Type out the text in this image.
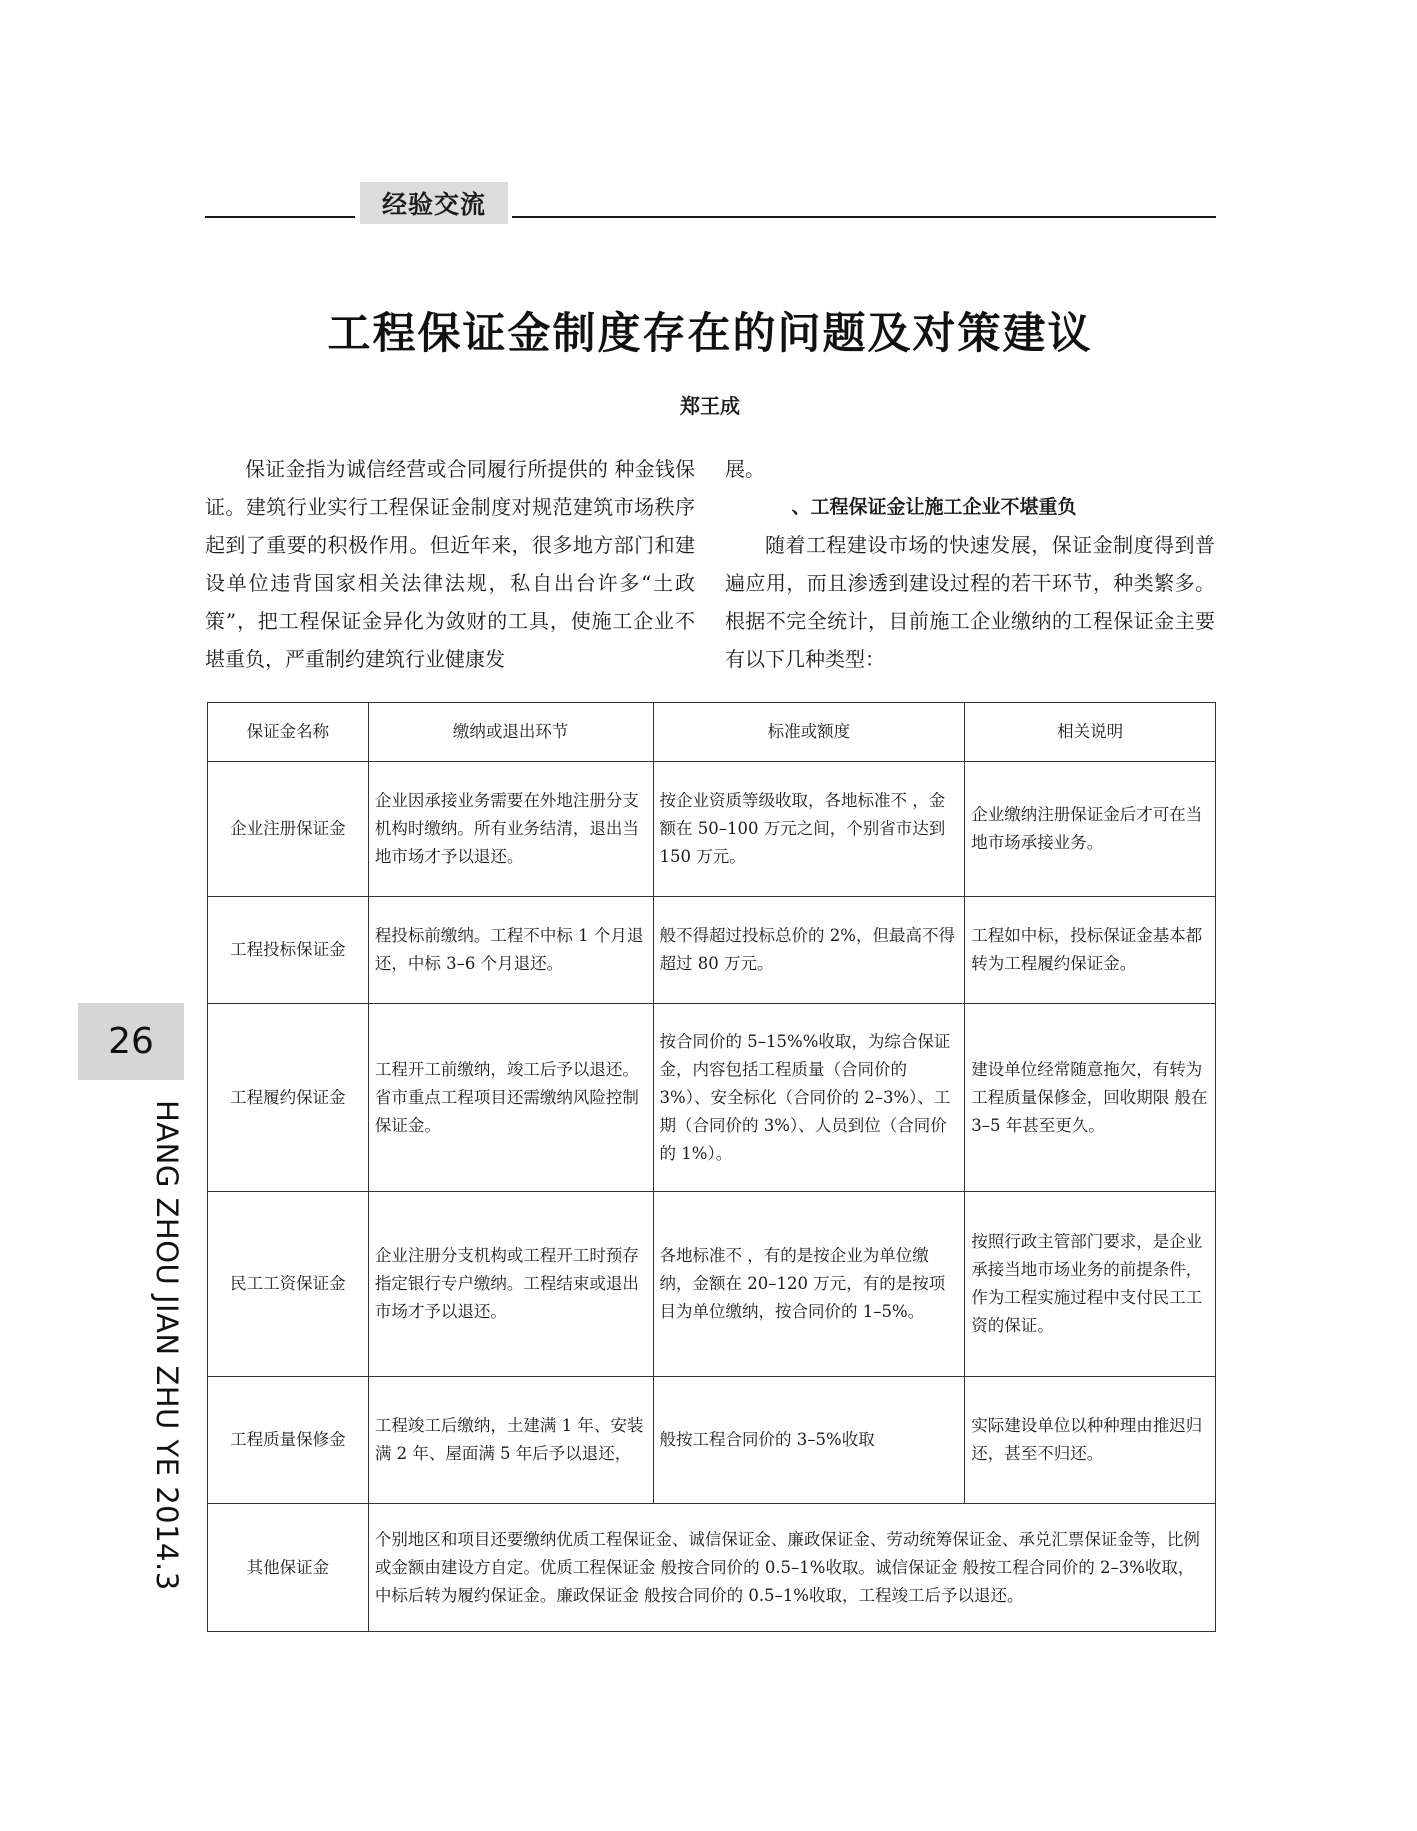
经验交流
工程保证金制度存在的问题及对策建议
郑王成

保证金指为诚信经营或合同履行所提供的 种金钱保证。建筑行业实行工程保证金制度对规范建筑市场秩序起到了重要的积极作用。但近年来，很多地方部门和建设单位违背国家相关法律法规，私自出台许多“土政策”，把工程保证金异化为敛财的工具，使施工企业不堪重负，严重制约建筑行业健康发

展。

、工程保证金让施工企业不堪重负

随着工程建设市场的快速发展，保证金制度得到普遍应用，而且渗透到建设过程的若干环节，种类繁多。根据不完全统计，目前施工企业缴纳的工程保证金主要有以下几种类型：

保证金名称	缴纳或退出环节	标准或额度	相关说明
企业注册保证金	企业因承接业务需要在外地注册分支机构时缴纳。所有业务结清，退出当地市场才予以退还。	按企业资质等级收取，各地标准不 ，金额在 50–100 万元之间，个别省市达到 150 万元。	企业缴纳注册保证金后才可在当地市场承接业务。
工程投标保证金	程投标前缴纳。工程不中标 1 个月退还，中标 3–6 个月退还。	般不得超过投标总价的 2%，但最高不得超过 80 万元。	工程如中标，投标保证金基本都转为工程履约保证金。
工程履约保证金	工程开工前缴纳，竣工后予以退还。省市重点工程项目还需缴纳风险控制保证金。	按合同价的 5–15%%收取，为综合保证金，内容包括工程质量（合同价的 3%）、安全标化（合同价的 2–3%）、工期（合同价的 3%）、人员到位（合同价的 1%）。	建设单位经常随意拖欠，有转为工程质量保修金，回收期限 般在 3–5 年甚至更久。
民工工资保证金	企业注册分支机构或工程开工时预存指定银行专户缴纳。工程结束或退出市场才予以退还。	各地标准不 ，有的是按企业为单位缴纳，金额在 20–120 万元，有的是按项目为单位缴纳，按合同价的 1–5%。	按照行政主管部门要求，是企业承接当地市场业务的前提条件，作为工程实施过程中支付民工工资的保证。
工程质量保修金	工程竣工后缴纳，土建满 1 年、安装满 2 年、屋面满 5 年后予以退还，	般按工程合同价的 3–5%收取	实际建设单位以种种理由推迟归还，甚至不归还。
其他保证金	个别地区和项目还要缴纳优质工程保证金、诚信保证金、廉政保证金、劳动统筹保证金、承兑汇票保证金等，比例或金额由建设方自定。优质工程保证金 般按合同价的 0.5–1%收取。诚信保证金 般按工程合同价的 2–3%收取，中标后转为履约保证金。廉政保证金 般按合同价的 0.5–1%收取，工程竣工后予以退还。		
26
HANG ZHOU JIAN ZHU YE 2014.3
